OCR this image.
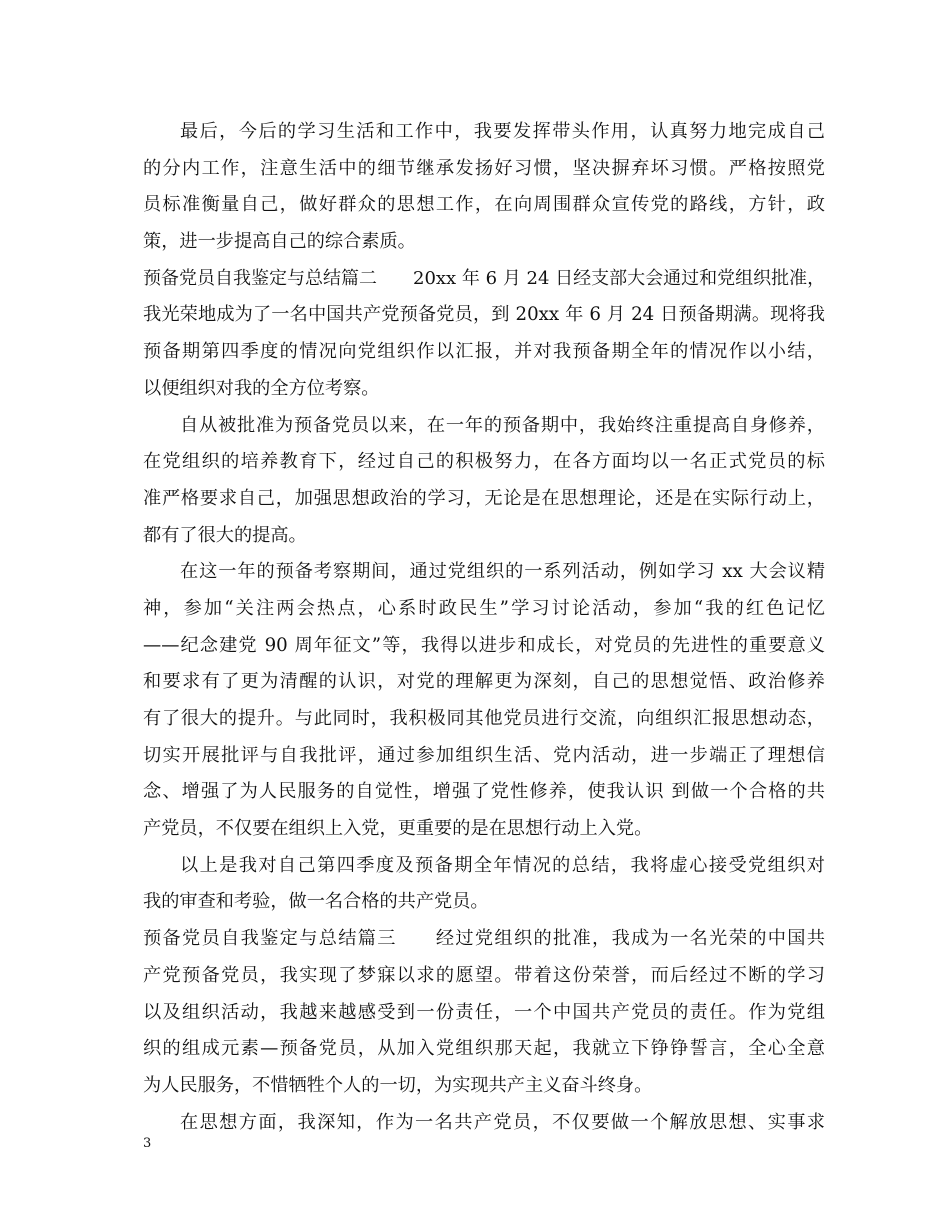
最后，今后的学习生活和工作中，我要发挥带头作用，认真努力地完成自己
的分内工作，注意生活中的细节继承发扬好习惯，坚决摒弃坏习惯。严格按照党
员标准衡量自己，做好群众的思想工作，在向周围群众宣传党的路线，方针，政
策，进一步提高自己的综合素质。
预备党员自我鉴定与总结篇二　　20xx 年 6 月 24 日经支部大会通过和党组织批准，
我光荣地成为了一名中国共产党预备党员，到 20xx 年 6 月 24 日预备期满。现将我
预备期第四季度的情况向党组织作以汇报，并对我预备期全年的情况作以小结，
以便组织对我的全方位考察。
自从被批准为预备党员以来，在一年的预备期中，我始终注重提高自身修养，
在党组织的培养教育下，经过自己的积极努力，在各方面均以一名正式党员的标
准严格要求自己，加强思想政治的学习，无论是在思想理论，还是在实际行动上，
都有了很大的提高。
在这一年的预备考察期间，通过党组织的一系列活动，例如学习 xx 大会议精
神，参加“关注两会热点，心系时政民生”学习讨论活动，参加“我的红色记忆
——纪念建党 90 周年征文”等，我得以进步和成长，对党员的先进性的重要意义
和要求有了更为清醒的认识，对党的理解更为深刻，自己的思想觉悟、政治修养
有了很大的提升。与此同时，我积极同其他党员进行交流，向组织汇报思想动态，
切实开展批评与自我批评，通过参加组织生活、党内活动，进一步端正了理想信
念、增强了为人民服务的自觉性，增强了党性修养，使我认识 到做一个合格的共
产党员，不仅要在组织上入党，更重要的是在思想行动上入党。
以上是我对自己第四季度及预备期全年情况的总结，我将虚心接受党组织对
我的审查和考验，做一名合格的共产党员。
预备党员自我鉴定与总结篇三　　经过党组织的批准，我成为一名光荣的中国共
产党预备党员，我实现了梦寐以求的愿望。带着这份荣誉，而后经过不断的学习
以及组织活动，我越来越感受到一份责任，一个中国共产党员的责任。作为党组
织的组成元素—预备党员，从加入党组织那天起，我就立下铮铮誓言，全心全意
为人民服务，不惜牺牲个人的一切，为实现共产主义奋斗终身。
在思想方面，我深知，作为一名共产党员，不仅要做一个解放思想、实事求
3
